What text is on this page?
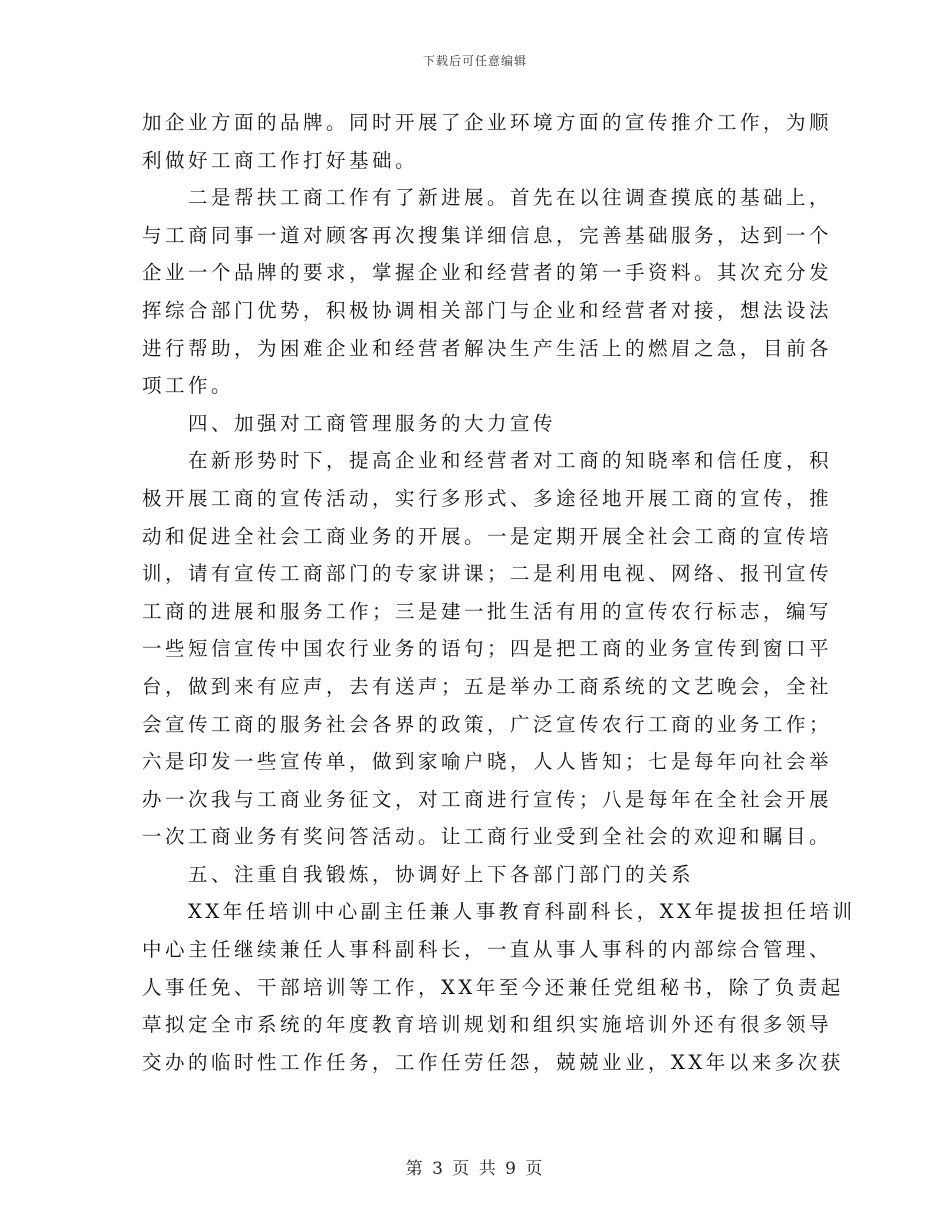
下载后可任意编辑
加企业方面的品牌。同时开展了企业环境方面的宣传推介工作，为顺
利做好工商工作打好基础。
二是帮扶工商工作有了新进展。首先在以往调查摸底的基础上，
与工商同事一道对顾客再次搜集详细信息，完善基础服务，达到一个
企业一个品牌的要求，掌握企业和经营者的第一手资料。其次充分发
挥综合部门优势，积极协调相关部门与企业和经营者对接，想法设法
进行帮助，为困难企业和经营者解决生产生活上的燃眉之急，目前各
项工作。
四、加强对工商管理服务的大力宣传
在新形势时下，提高企业和经营者对工商的知晓率和信任度，积
极开展工商的宣传活动，实行多形式、多途径地开展工商的宣传，推
动和促进全社会工商业务的开展。一是定期开展全社会工商的宣传培
训，请有宣传工商部门的专家讲课；二是利用电视、网络、报刊宣传
工商的进展和服务工作；三是建一批生活有用的宣传农行标志，编写
一些短信宣传中国农行业务的语句；四是把工商的业务宣传到窗口平
台，做到来有应声，去有送声；五是举办工商系统的文艺晚会，全社
会宣传工商的服务社会各界的政策，广泛宣传农行工商的业务工作；
六是印发一些宣传单，做到家喻户晓，人人皆知；七是每年向社会举
办一次我与工商业务征文，对工商进行宣传；八是每年在全社会开展
一次工商业务有奖问答活动。让工商行业受到全社会的欢迎和瞩目。
五、注重自我锻炼，协调好上下各部门部门的关系
XX年任培训中心副主任兼人事教育科副科长，XX年提拔担任培训
中心主任继续兼任人事科副科长，一直从事人事科的内部综合管理、
人事任免、干部培训等工作，XX年至今还兼任党组秘书，除了负责起
草拟定全市系统的年度教育培训规划和组织实施培训外还有很多领导
交办的临时性工作任务，工作任劳任怨，兢兢业业，XX年以来多次获
第 3 页 共 9 页
